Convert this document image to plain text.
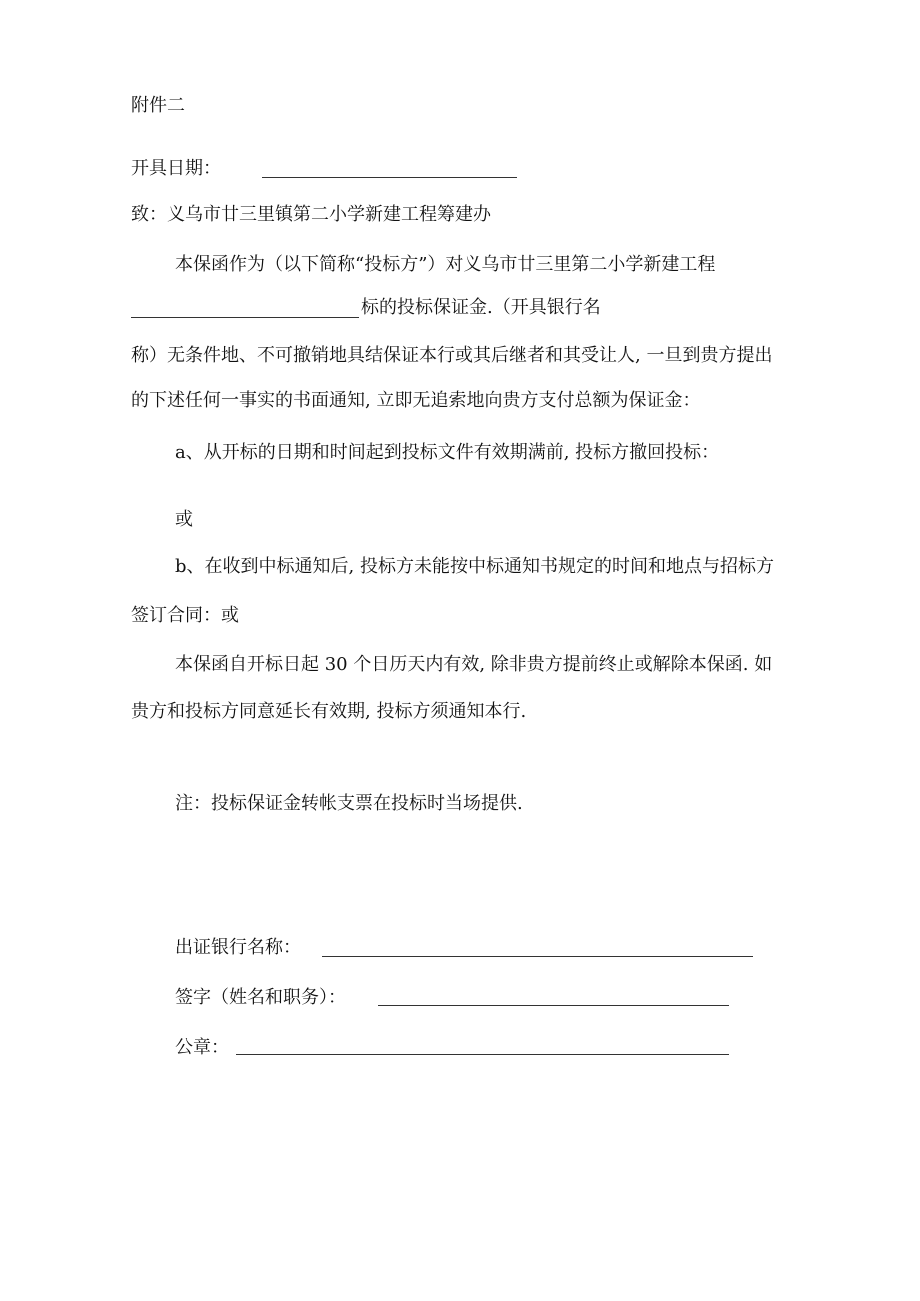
附件二
开具日期：
致：义乌市廿三里镇第二小学新建工程筹建办
本保函作为（以下简称“投标方”）对义乌市廿三里第二小学新建工程
标的投标保证金.（开具银行名
称）无条件地、不可撤销地具结保证本行或其后继者和其受让人, 一旦到贵方提出
的下述任何一事实的书面通知, 立即无追索地向贵方支付总额为保证金：
a、从开标的日期和时间起到投标文件有效期满前, 投标方撤回投标：
或
b、在收到中标通知后, 投标方未能按中标通知书规定的时间和地点与招标方
签订合同：或
本保函自开标日起 30 个日历天内有效, 除非贵方提前终止或解除本保函. 如
贵方和投标方同意延长有效期, 投标方须通知本行.
注：投标保证金转帐支票在投标时当场提供.
出证银行名称：
签字（姓名和职务）：
公章：
